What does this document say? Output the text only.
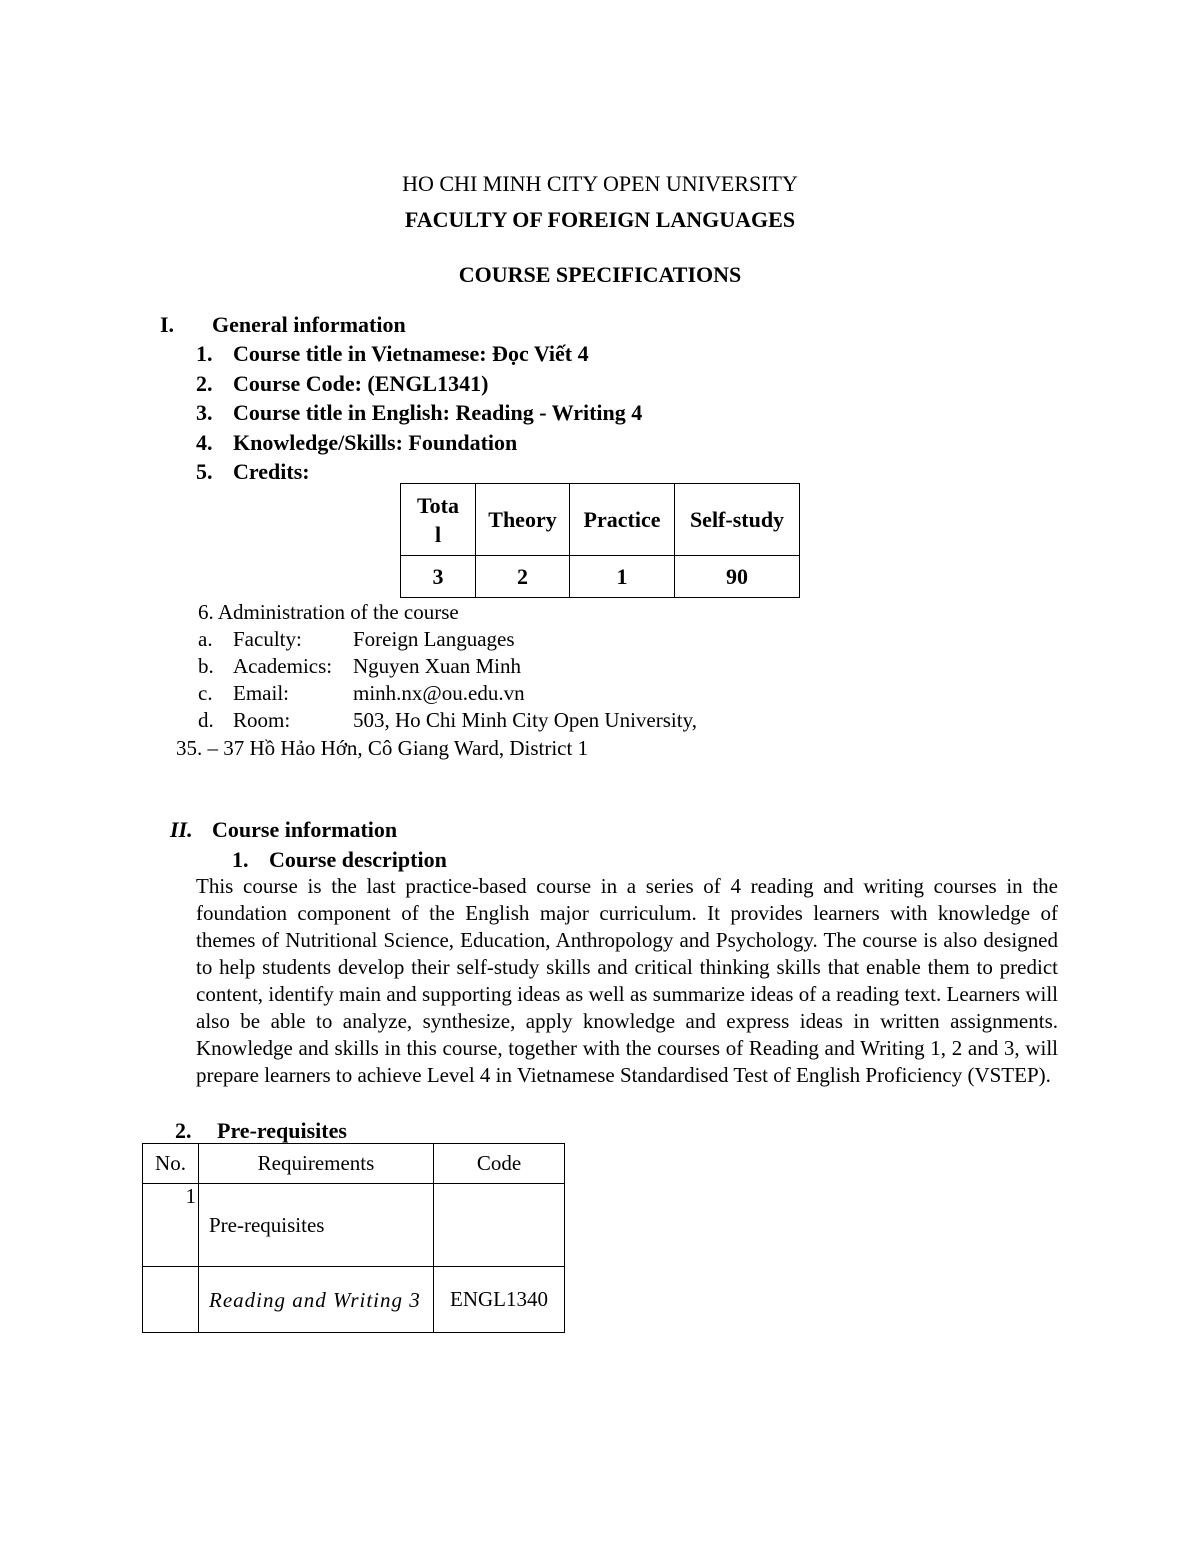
HO CHI MINH CITY OPEN UNIVERSITY
FACULTY OF FOREIGN LANGUAGES
COURSE SPECIFICATIONS
I. General information
1. Course title in Vietnamese: Đọc Viết 4
2. Course Code: (ENGL1341)
3. Course title in English: Reading - Writing 4
4. Knowledge/Skills: Foundation
5. Credits:
Tota l	Theory	Practice	Self-study
3	2	1	90
6. Administration of the course
a. Faculty: Foreign Languages
b. Academics: Nguyen Xuan Minh
c. Email:	minh.nx@ou.edu.vn
d. Room:	503, Ho Chi Minh City Open University,
35. – 37 Hồ Hảo Hớn, Cô Giang Ward, District 1
II. Course information
1. Course description
This course is the last practice-based course in a series of 4 reading and writing courses in the foundation component of the English major curriculum. It provides learners with knowledge of themes of Nutritional Science, Education, Anthropology and Psychology. The course is also designed to help students develop their self-study skills and critical thinking skills that enable them to predict content, identify main and supporting ideas as well as summarize ideas of a reading text. Learners will also be able to analyze, synthesize, apply knowledge and express ideas in written assignments. Knowledge and skills in this course, together with the courses of Reading and Writing 1, 2 and 3, will prepare learners to achieve Level 4 in Vietnamese Standardised Test of English Proficiency (VSTEP).
2. Pre-requisites
No.	Requirements	Code
1	Pre-requisites	

	Reading and Writing 3	ENGL1340
